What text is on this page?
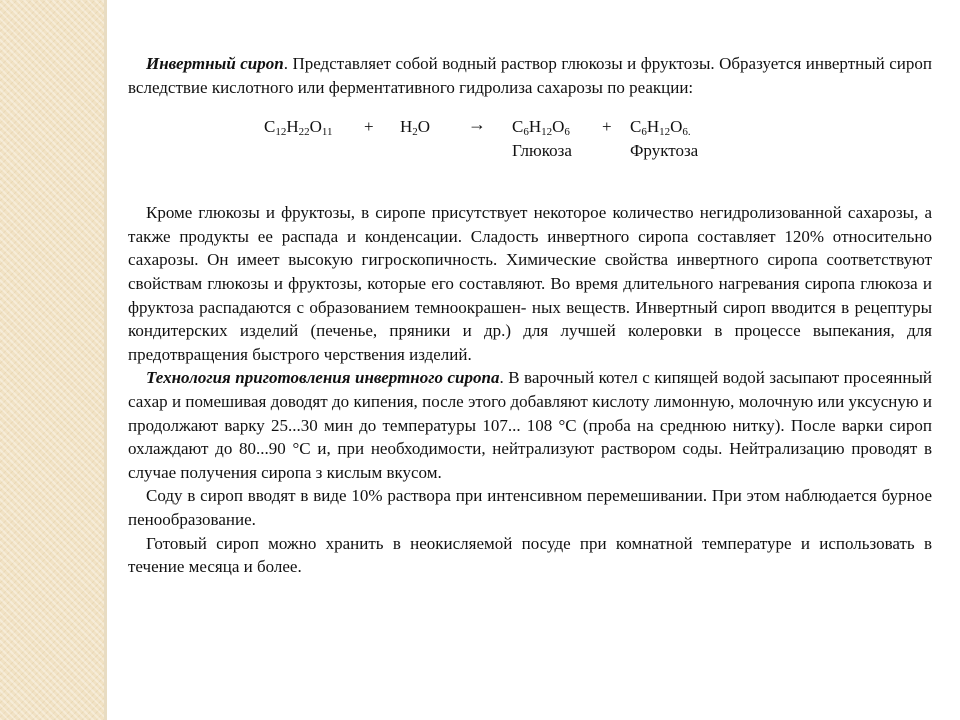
Инвертный сироп. Представляет собой водный раствор глюкозы и фруктозы. Образуется инвертный сироп вследствие кислотного или ферментативного гидролиза сахарозы по реакции:

$C_{12}H_{22}O_{11} + H_2O \to C_6H_{12}O_6 + C_6H_{12}O_{6.}$
Глюкоза	Фруктоза

Кроме глюкозы и фруктозы, в сиропе присутствует некоторое количество негидролизованной сахарозы, а также продукты ее распада и конденсации. Сладость инвертного сиропа составляет 120% относительно сахарозы. Он имеет высокую гигроскопичность. Химические свойства инвертного сиропа соответствуют свойствам глюкозы и фруктозы, которые его составляют. Во время длительного нагревания сиропа глюкоза и фруктоза распадаются с образованием темноокрашен- ных веществ. Инвертный сироп вводится в рецептуры кондитерских изделий (печенье, пряники и др.) для лучшей колеровки в процессе выпекания, для предотвращения быстрого черствения изделий.

Технология приготовления инвертного сиропа. В варочный котел с кипящей водой засыпают просеянный сахар и помешивая доводят до кипения, после этого добавляют кислоту лимонную, молочную или уксусную и продолжают варку 25...30 мин до температуры 107... 108 °С (проба на среднюю нитку). После варки сироп охлаждают до 80...90 °С и, при необходимости, нейтрализуют раствором соды. Нейтрализацию проводят в случае получения сиропа з кислым вкусом.

Соду в сироп вводят в виде 10% раствора при интенсивном перемешивании. При этом наблюдается бурное пенообразование.

Готовый сироп можно хранить в неокисляемой посуде при комнатной температуре и использовать в течение месяца и более.
